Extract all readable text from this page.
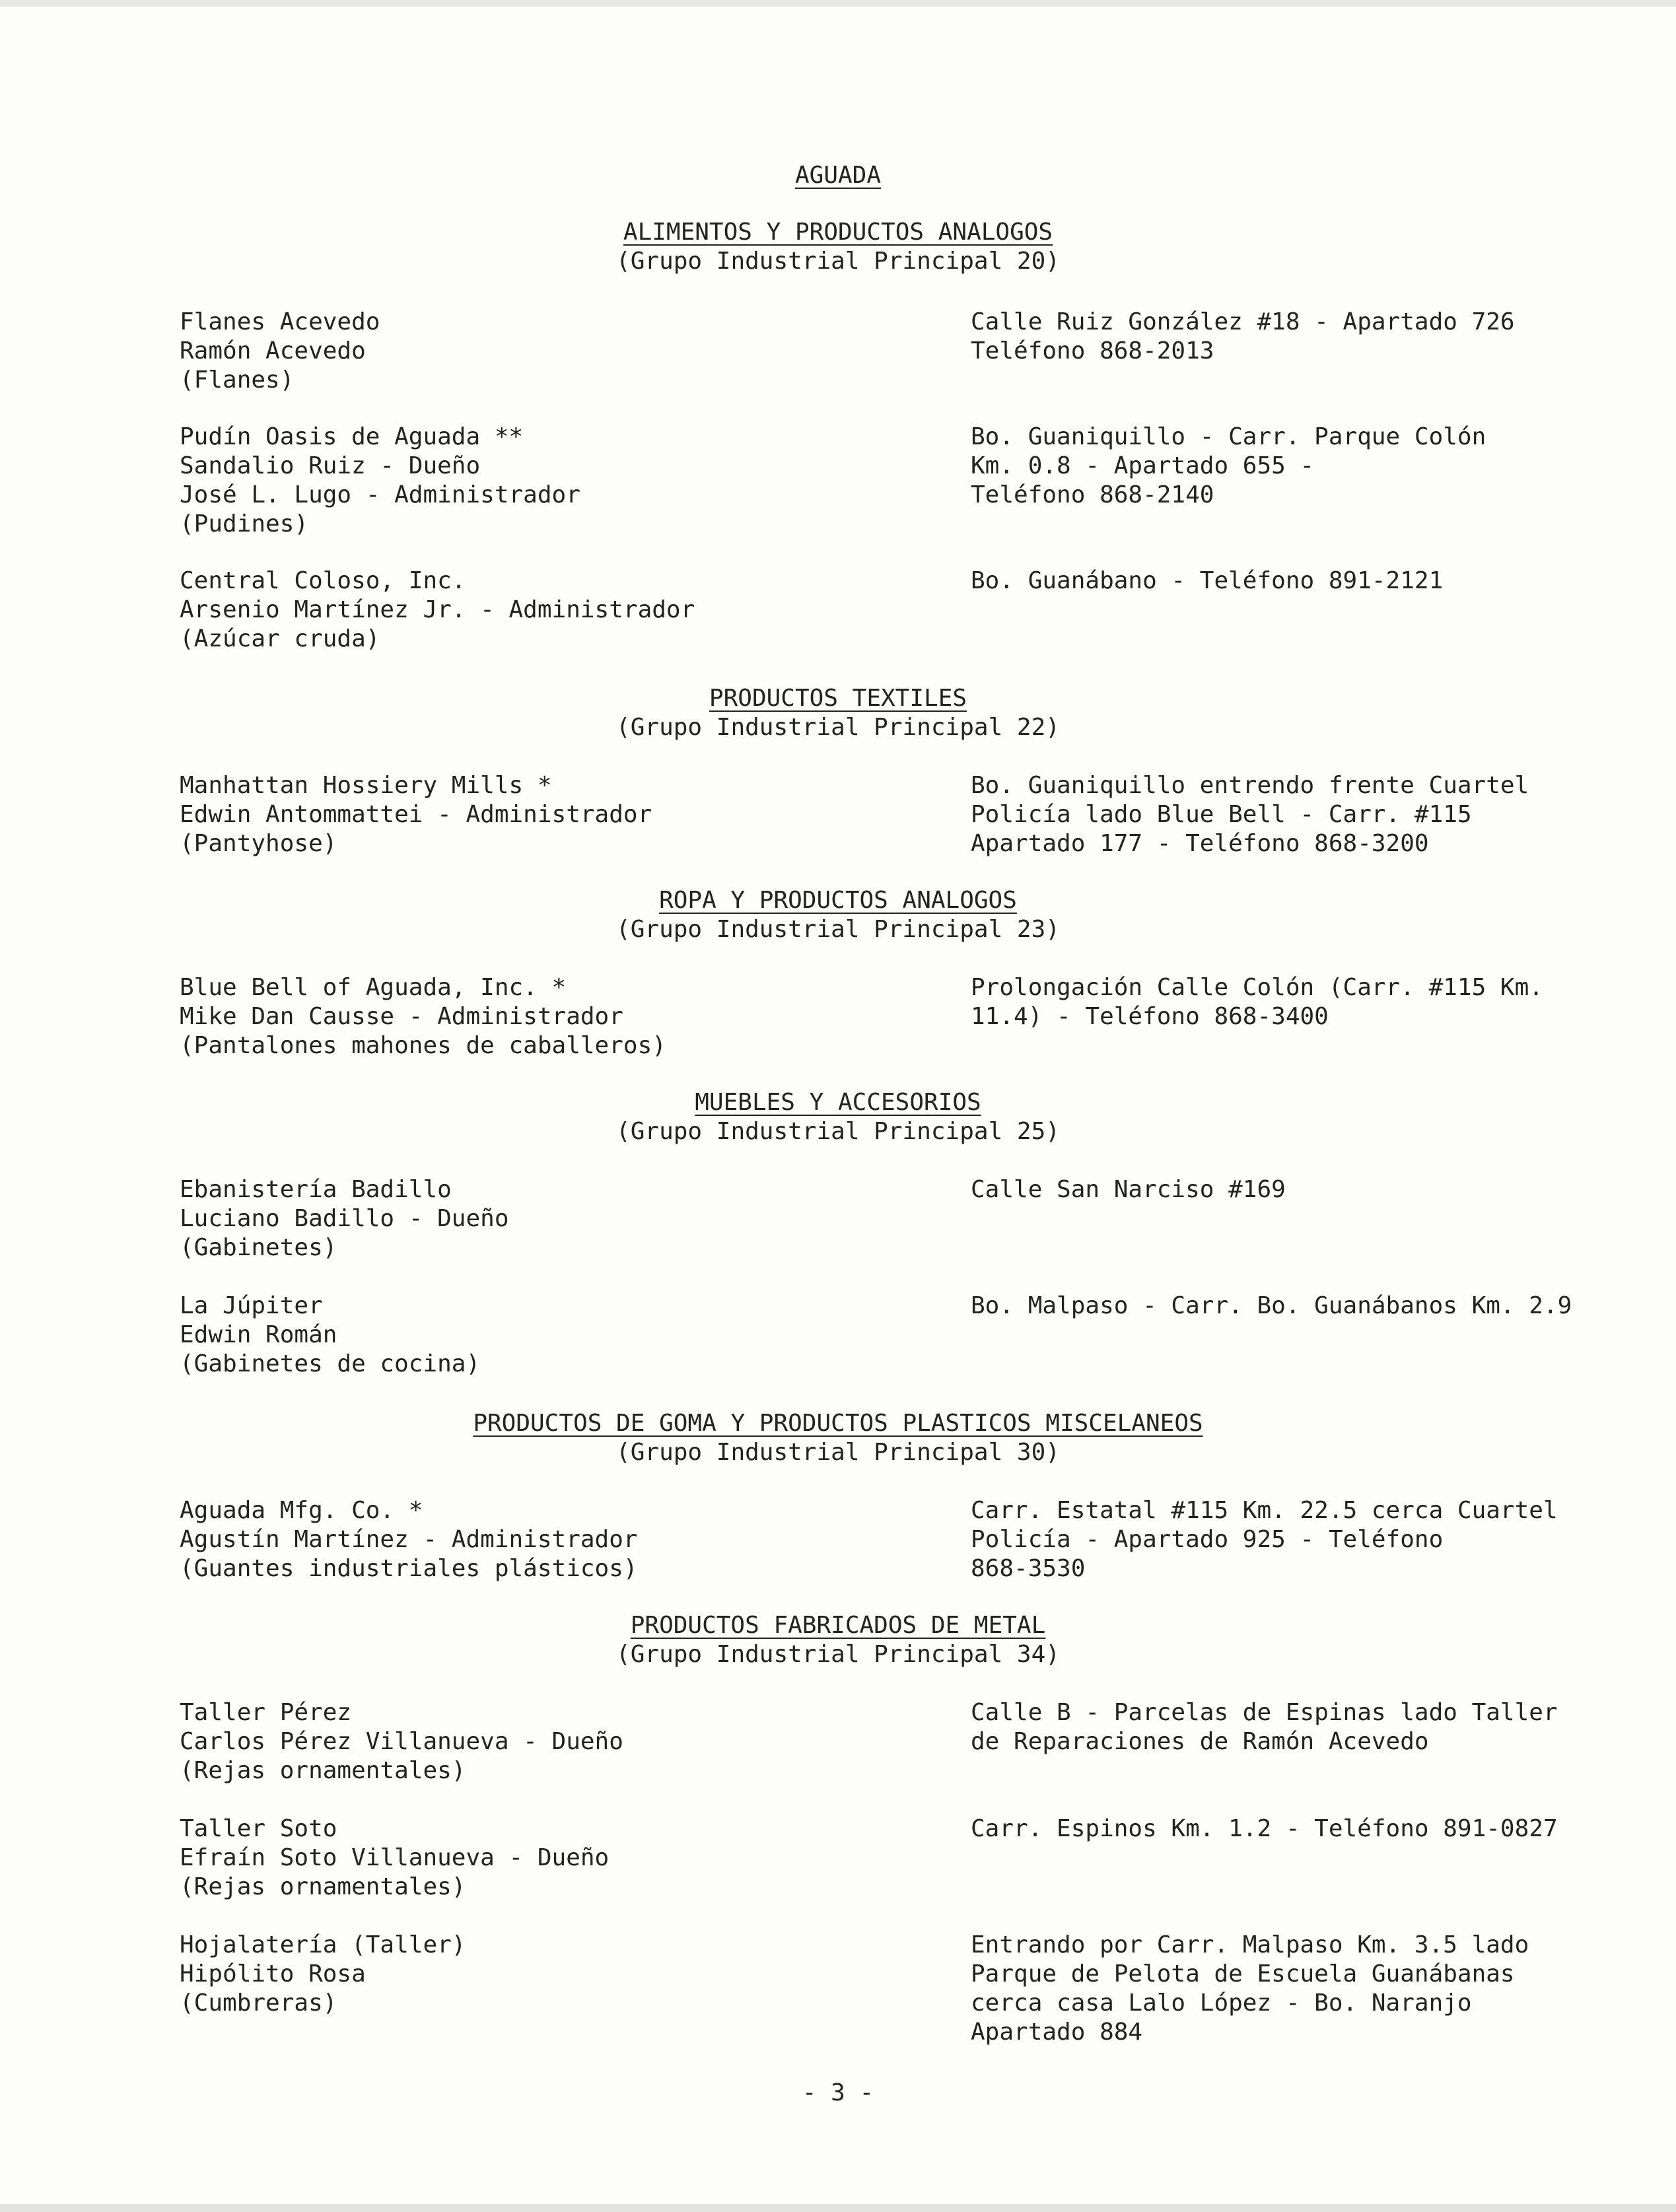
AGUADA
ALIMENTOS Y PRODUCTOS ANALOGOS
(Grupo Industrial Principal 20)
Flanes Acevedo
Ramón Acevedo
(Flanes)
Calle Ruiz González #18 - Apartado 726
Teléfono 868-2013
Pudín Oasis de Aguada **
Sandalio Ruiz - Dueño
José L. Lugo - Administrador
(Pudines)
Bo. Guaniquillo - Carr. Parque Colón
Km. 0.8 - Apartado 655 -
Teléfono 868-2140
Central Coloso, Inc.
Arsenio Martínez Jr. - Administrador
(Azúcar cruda)
Bo. Guanábano - Teléfono 891-2121
PRODUCTOS TEXTILES
(Grupo Industrial Principal 22)
Manhattan Hossiery Mills *
Edwin Antommattei - Administrador
(Pantyhose)
Bo. Guaniquillo entrendo frente Cuartel
Policía lado Blue Bell - Carr. #115
Apartado 177 - Teléfono 868-3200
ROPA Y PRODUCTOS ANALOGOS
(Grupo Industrial Principal 23)
Blue Bell of Aguada, Inc. *
Mike Dan Causse - Administrador
(Pantalones mahones de caballeros)
Prolongación Calle Colón (Carr. #115 Km.
11.4) - Teléfono 868-3400
MUEBLES Y ACCESORIOS
(Grupo Industrial Principal 25)
Ebanistería Badillo
Luciano Badillo - Dueño
(Gabinetes)
Calle San Narciso #169
La Júpiter
Edwin Román
(Gabinetes de cocina)
Bo. Malpaso - Carr. Bo. Guanábanos Km. 2.9
PRODUCTOS DE GOMA Y PRODUCTOS PLASTICOS MISCELANEOS
(Grupo Industrial Principal 30)
Aguada Mfg. Co. *
Agustín Martínez - Administrador
(Guantes industriales plásticos)
Carr. Estatal #115 Km. 22.5 cerca Cuartel
Policía - Apartado 925 - Teléfono
868-3530
PRODUCTOS FABRICADOS DE METAL
(Grupo Industrial Principal 34)
Taller Pérez
Carlos Pérez Villanueva - Dueño
(Rejas ornamentales)
Calle B - Parcelas de Espinas lado Taller
de Reparaciones de Ramón Acevedo
Taller Soto
Efraín Soto Villanueva - Dueño
(Rejas ornamentales)
Carr. Espinos Km. 1.2 - Teléfono 891-0827
Hojalatería (Taller)
Hipólito Rosa
(Cumbreras)
Entrando por Carr. Malpaso Km. 3.5 lado
Parque de Pelota de Escuela Guanábanas
cerca casa Lalo López - Bo. Naranjo
Apartado 884
- 3 -
